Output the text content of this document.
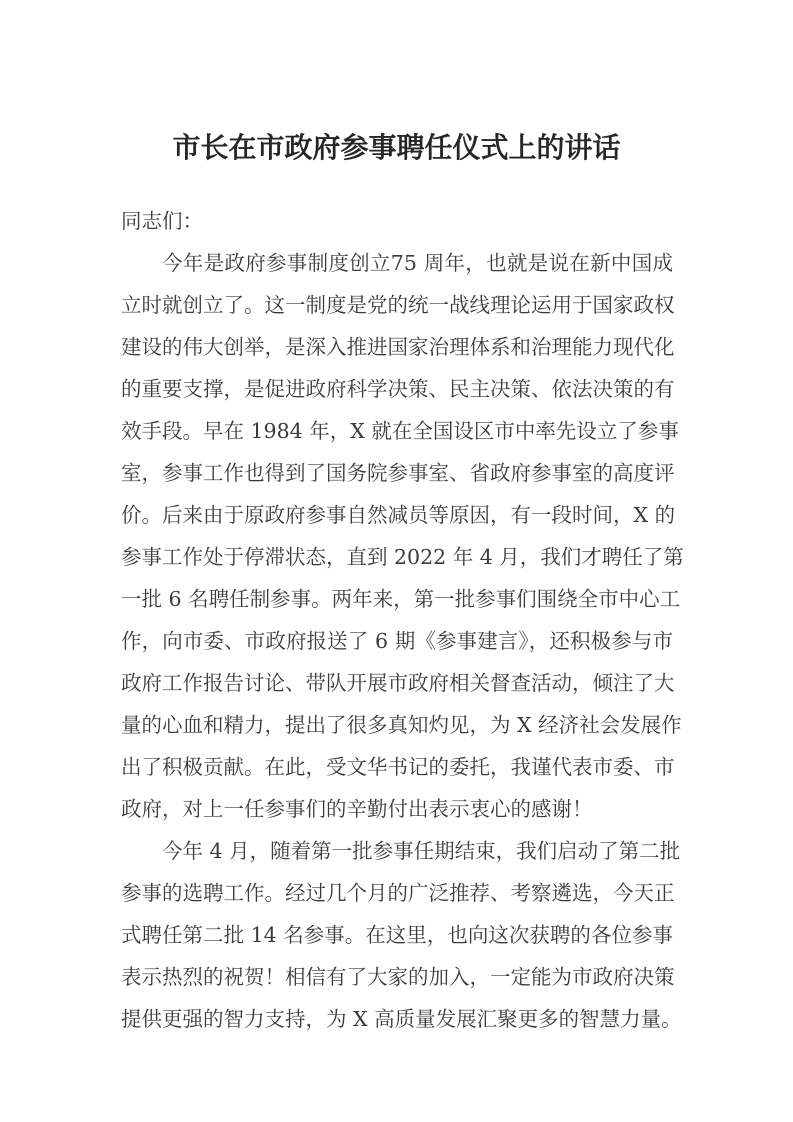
市长在市政府参事聘任仪式上的讲话

同志们：

今年是政府参事制度创立75 周年，也就是说在新中国成
立时就创立了。这一制度是党的统一战线理论运用于国家政权
建设的伟大创举，是深入推进国家治理体系和治理能力现代化
的重要支撑，是促进政府科学决策、民主决策、依法决策的有
效手段。早在 1984 年，X 就在全国设区市中率先设立了参事
室，参事工作也得到了国务院参事室、省政府参事室的高度评
价。后来由于原政府参事自然减员等原因，有一段时间，X 的
参事工作处于停滞状态，直到 2022 年 4 月，我们才聘任了第
一批 6 名聘任制参事。两年来，第一批参事们围绕全市中心工
作，向市委、市政府报送了 6 期《参事建言》，还积极参与市
政府工作报告讨论、带队开展市政府相关督查活动，倾注了大
量的心血和精力，提出了很多真知灼见，为 X 经济社会发展作
出了积极贡献。在此，受文华书记的委托，我谨代表市委、市
政府，对上一任参事们的辛勤付出表示衷心的感谢！

今年 4 月，随着第一批参事任期结束，我们启动了第二批
参事的选聘工作。经过几个月的广泛推荐、考察遴选，今天正
式聘任第二批 14 名参事。在这里，也向这次获聘的各位参事
表示热烈的祝贺！相信有了大家的加入，一定能为市政府决策
提供更强的智力支持，为 X 高质量发展汇聚更多的智慧力量。
